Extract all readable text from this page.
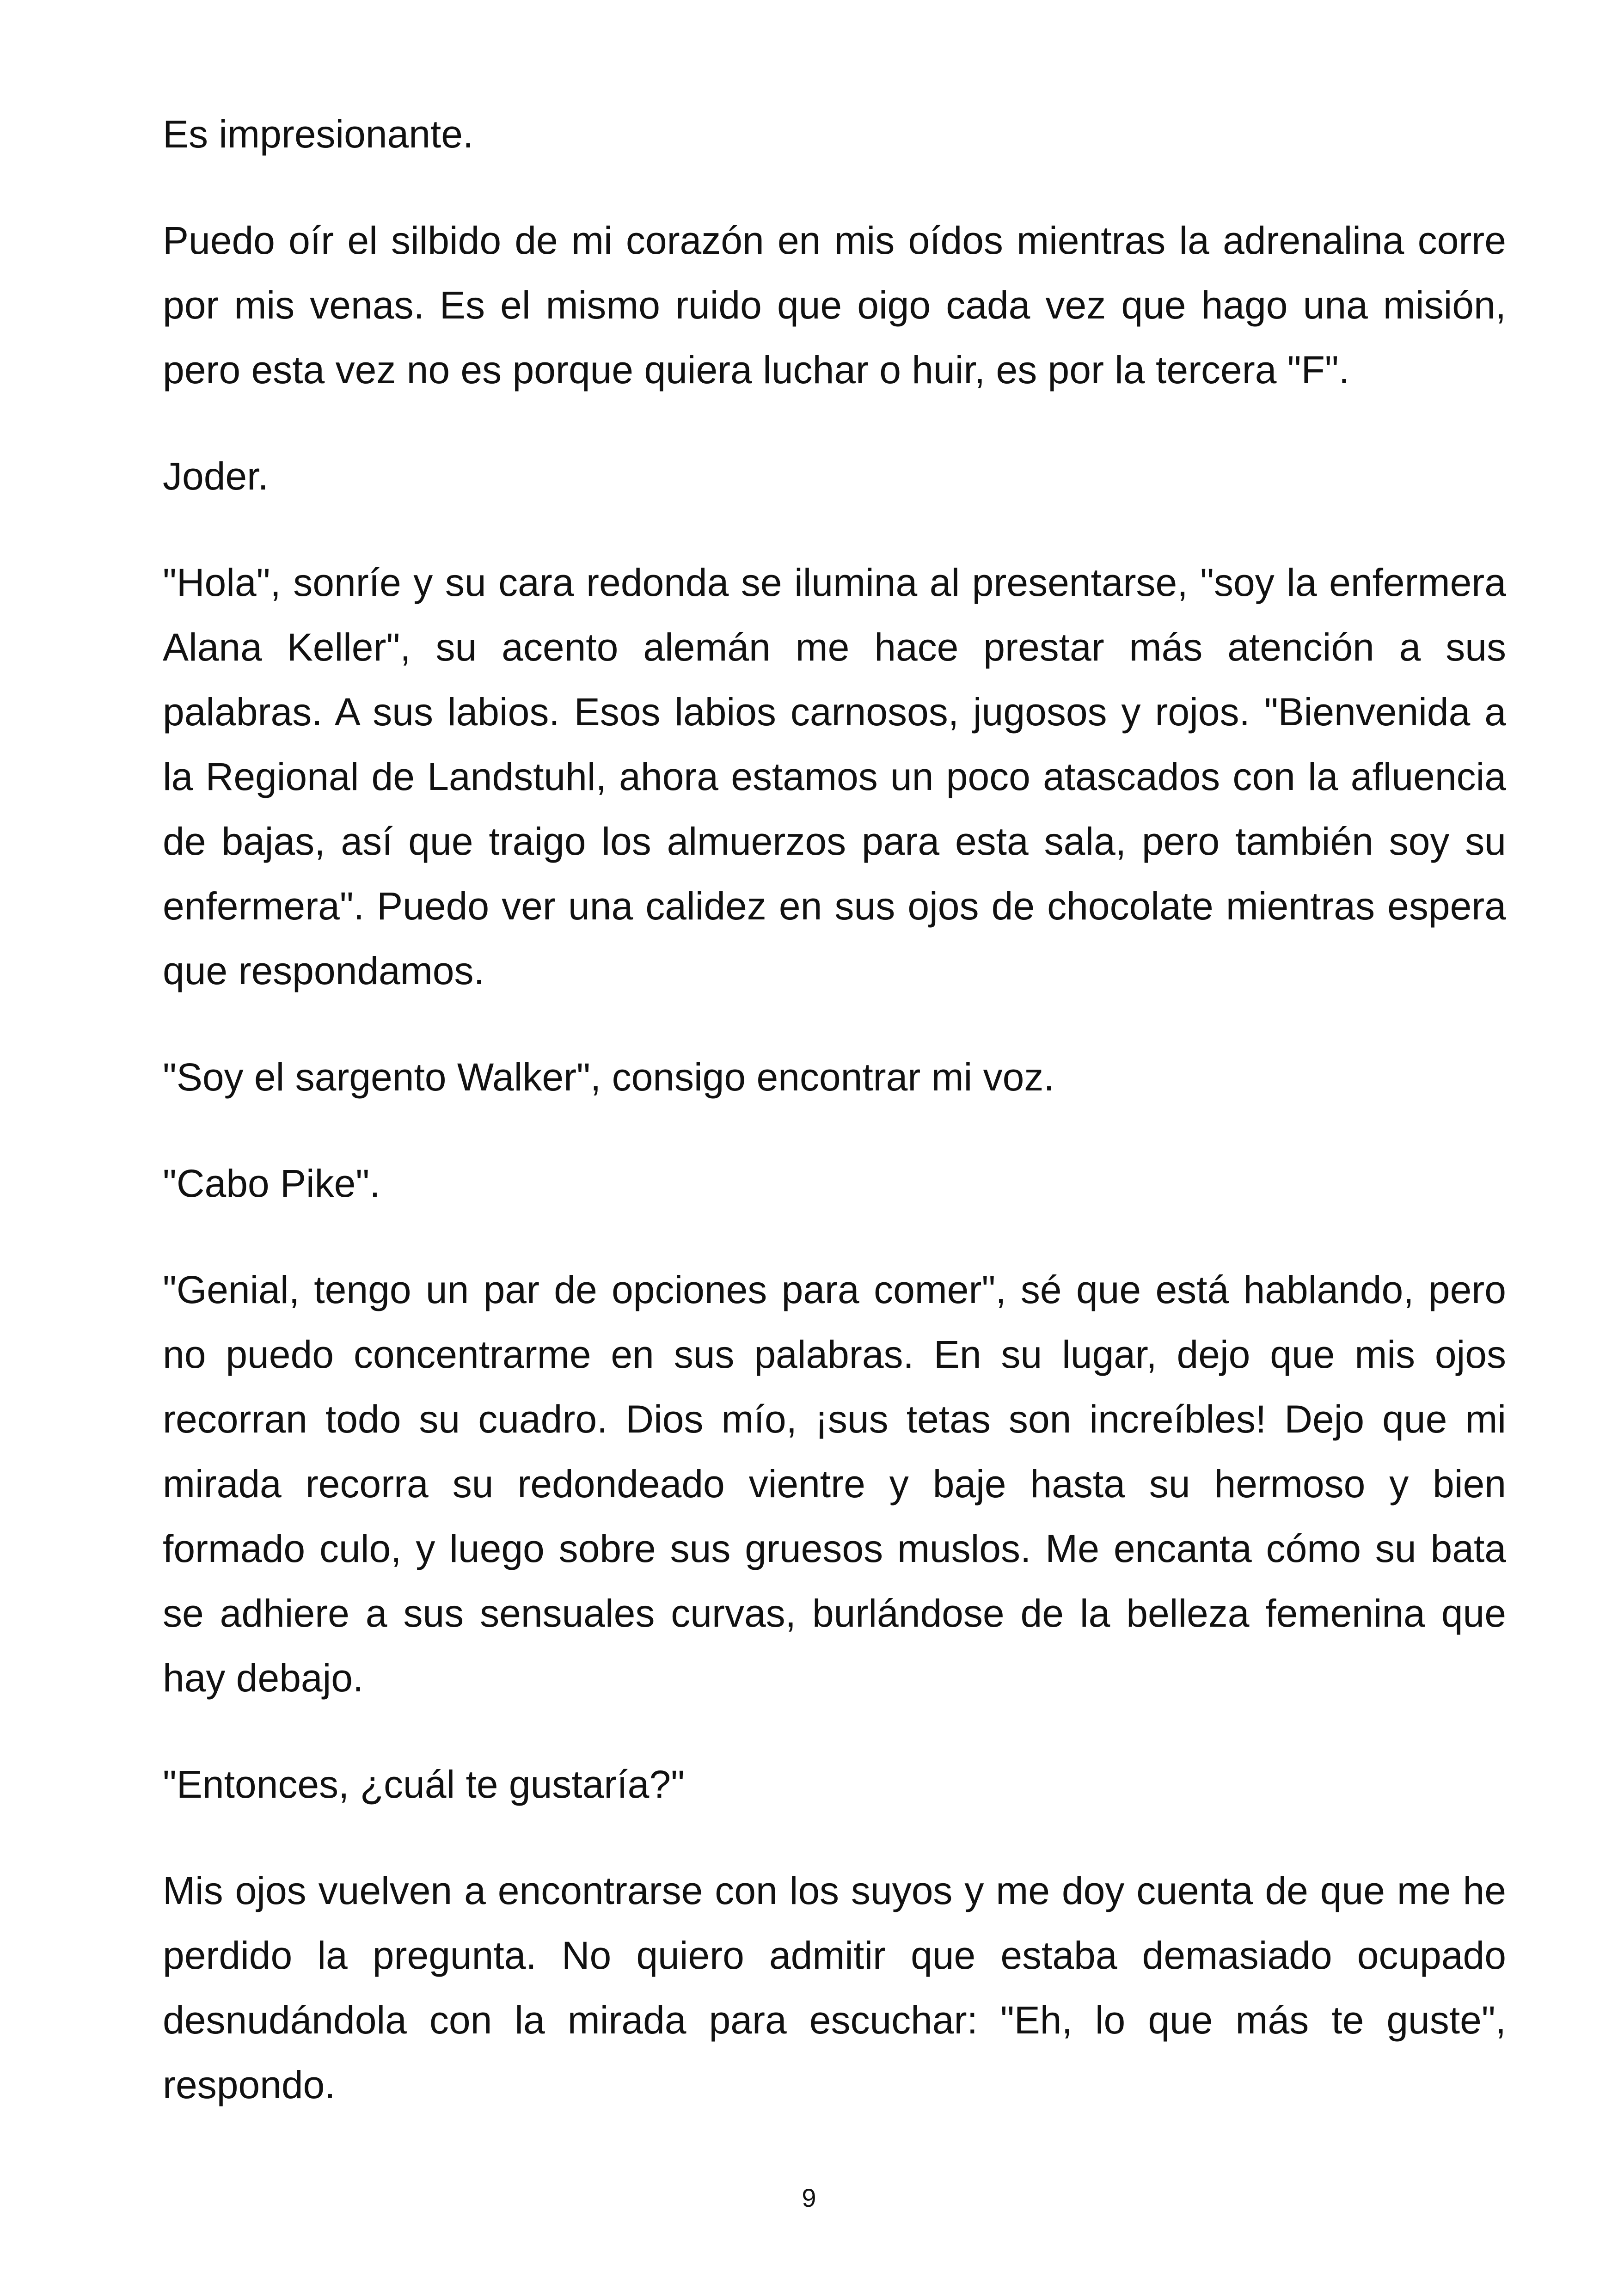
Es impresionante.

Puedo oír el silbido de mi corazón en mis oídos mientras la adrenalina corre por mis venas. Es el mismo ruido que oigo cada vez que hago una misión, pero esta vez no es porque quiera luchar o huir, es por la tercera "F".

Joder.

"Hola", sonríe y su cara redonda se ilumina al presentarse, "soy la enfermera Alana Keller", su acento alemán me hace prestar más atención a sus palabras. A sus labios. Esos labios carnosos, jugosos y rojos. "Bienvenida a la Regional de Landstuhl, ahora estamos un poco atascados con la afluencia de bajas, así que traigo los almuerzos para esta sala, pero también soy su enfermera". Puedo ver una calidez en sus ojos de chocolate mientras espera que respondamos.

"Soy el sargento Walker", consigo encontrar mi voz.

"Cabo Pike".

"Genial, tengo un par de opciones para comer", sé que está hablando, pero no puedo concentrarme en sus palabras. En su lugar, dejo que mis ojos recorran todo su cuadro. Dios mío, ¡sus tetas son increíbles! Dejo que mi mirada recorra su redondeado vientre y baje hasta su hermoso y bien formado culo, y luego sobre sus gruesos muslos. Me encanta cómo su bata se adhiere a sus sensuales curvas, burlándose de la belleza femenina que hay debajo.

"Entonces, ¿cuál te gustaría?"

Mis ojos vuelven a encontrarse con los suyos y me doy cuenta de que me he perdido la pregunta. No quiero admitir que estaba demasiado ocupado desnudándola con la mirada para escuchar: "Eh, lo que más te guste", respondo.

9
